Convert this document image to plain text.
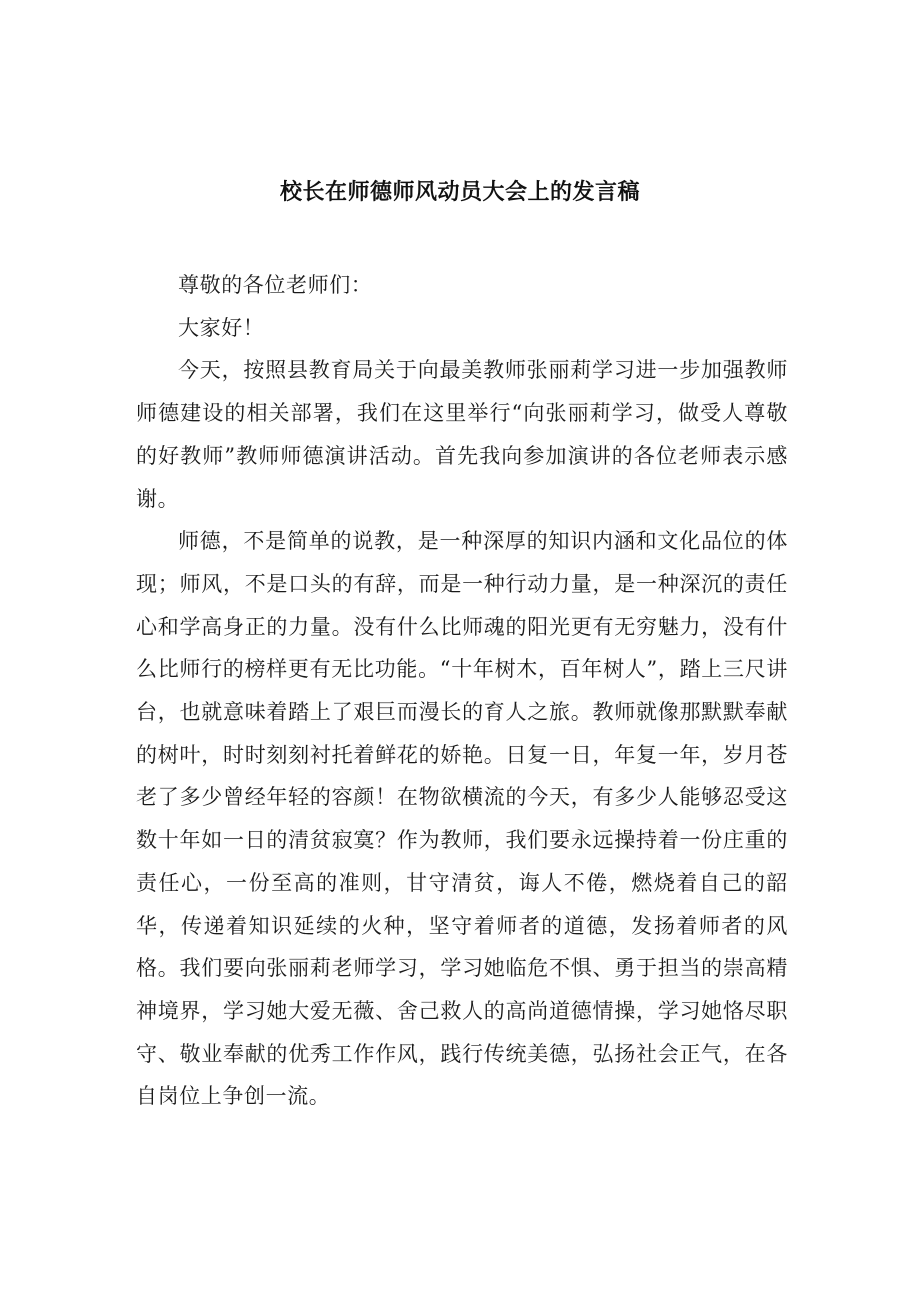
校长在师德师风动员大会上的发言稿

尊敬的各位老师们：

大家好！

今天，按照县教育局关于向最美教师张丽莉学习进一步加强教师师德建设的相关部署，我们在这里举行“向张丽莉学习，做受人尊敬的好教师”教师师德演讲活动。首先我向参加演讲的各位老师表示感谢。

师德，不是简单的说教，是一种深厚的知识内涵和文化品位的体现；师风，不是口头的有辞，而是一种行动力量，是一种深沉的责任心和学高身正的力量。没有什么比师魂的阳光更有无穷魅力，没有什么比师行的榜样更有无比功能。“十年树木，百年树人”，踏上三尺讲台，也就意味着踏上了艰巨而漫长的育人之旅。教师就像那默默奉献的树叶，时时刻刻衬托着鲜花的娇艳。日复一日，年复一年，岁月苍老了多少曾经年轻的容颜！在物欲横流的今天，有多少人能够忍受这数十年如一日的清贫寂寞？作为教师，我们要永远操持着一份庄重的责任心，一份至高的准则，甘守清贫，诲人不倦，燃烧着自己的韶华，传递着知识延续的火种，坚守着师者的道德，发扬着师者的风格。我们要向张丽莉老师学习，学习她临危不惧、勇于担当的崇高精神境界，学习她大爱无薇、舍己救人的高尚道德情操，学习她恪尽职守、敬业奉献的优秀工作作风，践行传统美德，弘扬社会正气，在各自岗位上争创一流。
